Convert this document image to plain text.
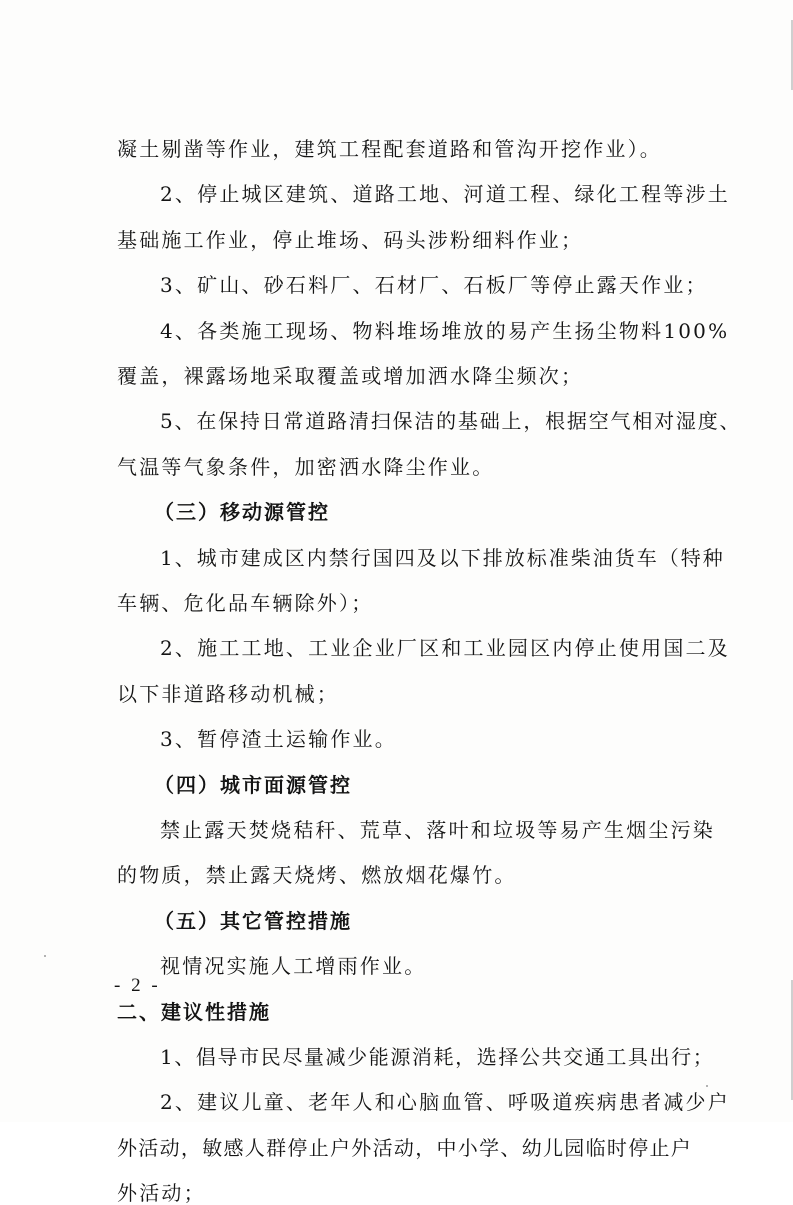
凝土剔凿等作业，建筑工程配套道路和管沟开挖作业）。
2、停止城区建筑、道路工地、河道工程、绿化工程等涉土
基础施工作业，停止堆场、码头涉粉细料作业；
3、矿山、砂石料厂、石材厂、石板厂等停止露天作业；
4、各类施工现场、物料堆场堆放的易产生扬尘物料100%
覆盖，裸露场地采取覆盖或增加洒水降尘频次；
5、在保持日常道路清扫保洁的基础上，根据空气相对湿度、
气温等气象条件，加密洒水降尘作业。
（三）移动源管控
1、城市建成区内禁行国四及以下排放标准柴油货车（特种
车辆、危化品车辆除外）；
2、施工工地、工业企业厂区和工业园区内停止使用国二及
以下非道路移动机械；
3、暂停渣土运输作业。
（四）城市面源管控
禁止露天焚烧秸秆、荒草、落叶和垃圾等易产生烟尘污染
的物质，禁止露天烧烤、燃放烟花爆竹。
（五）其它管控措施
视情况实施人工增雨作业。
二、建议性措施
1、倡导市民尽量减少能源消耗，选择公共交通工具出行；
2、建议儿童、老年人和心脑血管、呼吸道疾病患者减少户
外活动，敏感人群停止户外活动，中小学、幼儿园临时停止户
外活动；
- 2 -
